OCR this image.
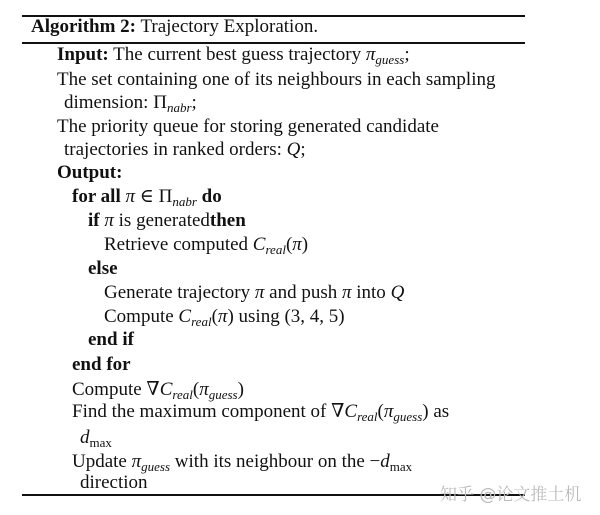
Algorithm 2: Trajectory Exploration.
Input: The current best guess trajectory $\pi_{guess}$;
The set containing one of its neighbours in each sampling
dimension: $\Pi_{nabr}$;
The priority queue for storing generated candidate
trajectories in ranked orders: Q;
Output:
for all π ∈ $\Pi_{nabr}$ do
if π is generatedthen
Retrieve computed $C_{real}(\pi)$
else
Generate trajectory π and push π into Q
Compute $C_{real}(\pi)$ using (3, 4, 5)
end if
end for
Compute $\nabla C_{real}(\pi_{guess})$
Find the maximum component of $\nabla C_{real}(\pi_{guess})$ as
$d_{max}$
Update $\pi_{guess}$ with its neighbour on the $-d_{max}$
direction
知乎 @论文推土机
